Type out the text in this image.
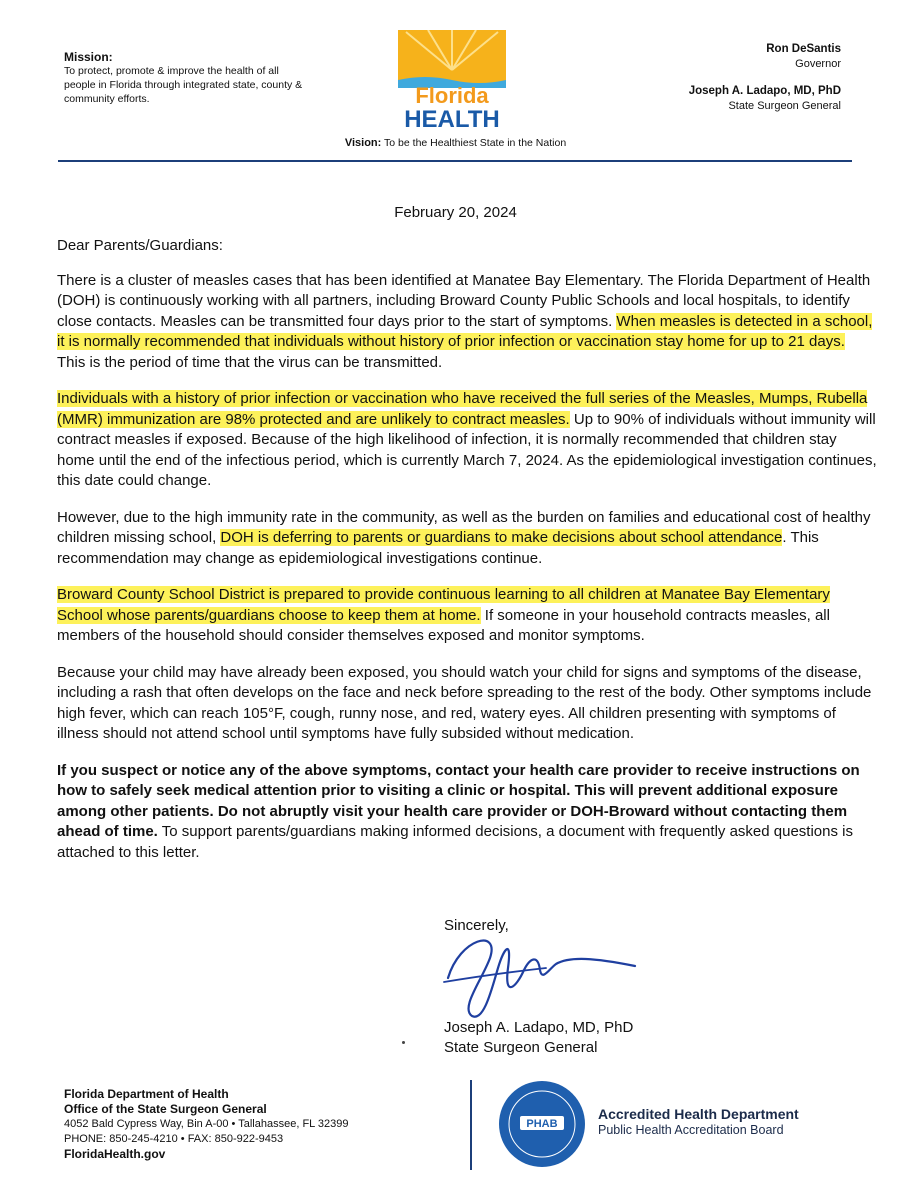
Mission:
To protect, promote & improve the health of all people in Florida through integrated state, county & community efforts.	Florida
HEALTH
Ron DeSantis
Governor
Joseph A. Ladapo, MD, PhD
State Surgeon General
Vision: To be the Healthiest State in the Nation
February 20, 2024

Dear Parents/Guardians:

There is a cluster of measles cases that has been identified at Manatee Bay Elementary. The Florida Department of Health (DOH) is continuously working with all partners, including Broward County Public Schools and local hospitals, to identify close contacts. Measles can be transmitted four days prior to the start of symptoms. When measles is detected in a school, it is normally recommended that individuals without history of prior infection or vaccination stay home for up to 21 days. This is the period of time that the virus can be transmitted.

Individuals with a history of prior infection or vaccination who have received the full series of the Measles, Mumps, Rubella (MMR) immunization are 98% protected and are unlikely to contract measles. Up to 90% of individuals without immunity will contract measles if exposed. Because of the high likelihood of infection, it is normally recommended that children stay home until the end of the infectious period, which is currently March 7, 2024. As the epidemiological investigation continues, this date could change.

However, due to the high immunity rate in the community, as well as the burden on families and educational cost of healthy children missing school, DOH is deferring to parents or guardians to make decisions about school attendance. This recommendation may change as epidemiological investigations continue.

Broward County School District is prepared to provide continuous learning to all children at Manatee Bay Elementary School whose parents/guardians choose to keep them at home. If someone in your household contracts measles, all members of the household should consider themselves exposed and monitor symptoms.

Because your child may have already been exposed, you should watch your child for signs and symptoms of the disease, including a rash that often develops on the face and neck before spreading to the rest of the body. Other symptoms include high fever, which can reach 105°F, cough, runny nose, and red, watery eyes. All children presenting with symptoms of illness should not attend school until symptoms have fully subsided without medication.

If you suspect or notice any of the above symptoms, contact your health care provider to receive instructions on how to safely seek medical attention prior to visiting a clinic or hospital. This will prevent additional exposure among other patients. Do not abruptly visit your health care provider or DOH-Broward without contacting them ahead of time. To support parents/guardians making informed decisions, a document with frequently asked questions is attached to this letter.

Sincerely,
Joseph A. Ladapo, MD, PhD
State Surgeon General
Florida Department of Health
Office of the State Surgeon General
4052 Bald Cypress Way, Bin A-00 • Tallahassee, FL 32399
PHONE: 850-245-4210 • FAX: 850-922-9453
FloridaHealth.gov
PHAB
Accredited Health Department
Public Health Accreditation Board
